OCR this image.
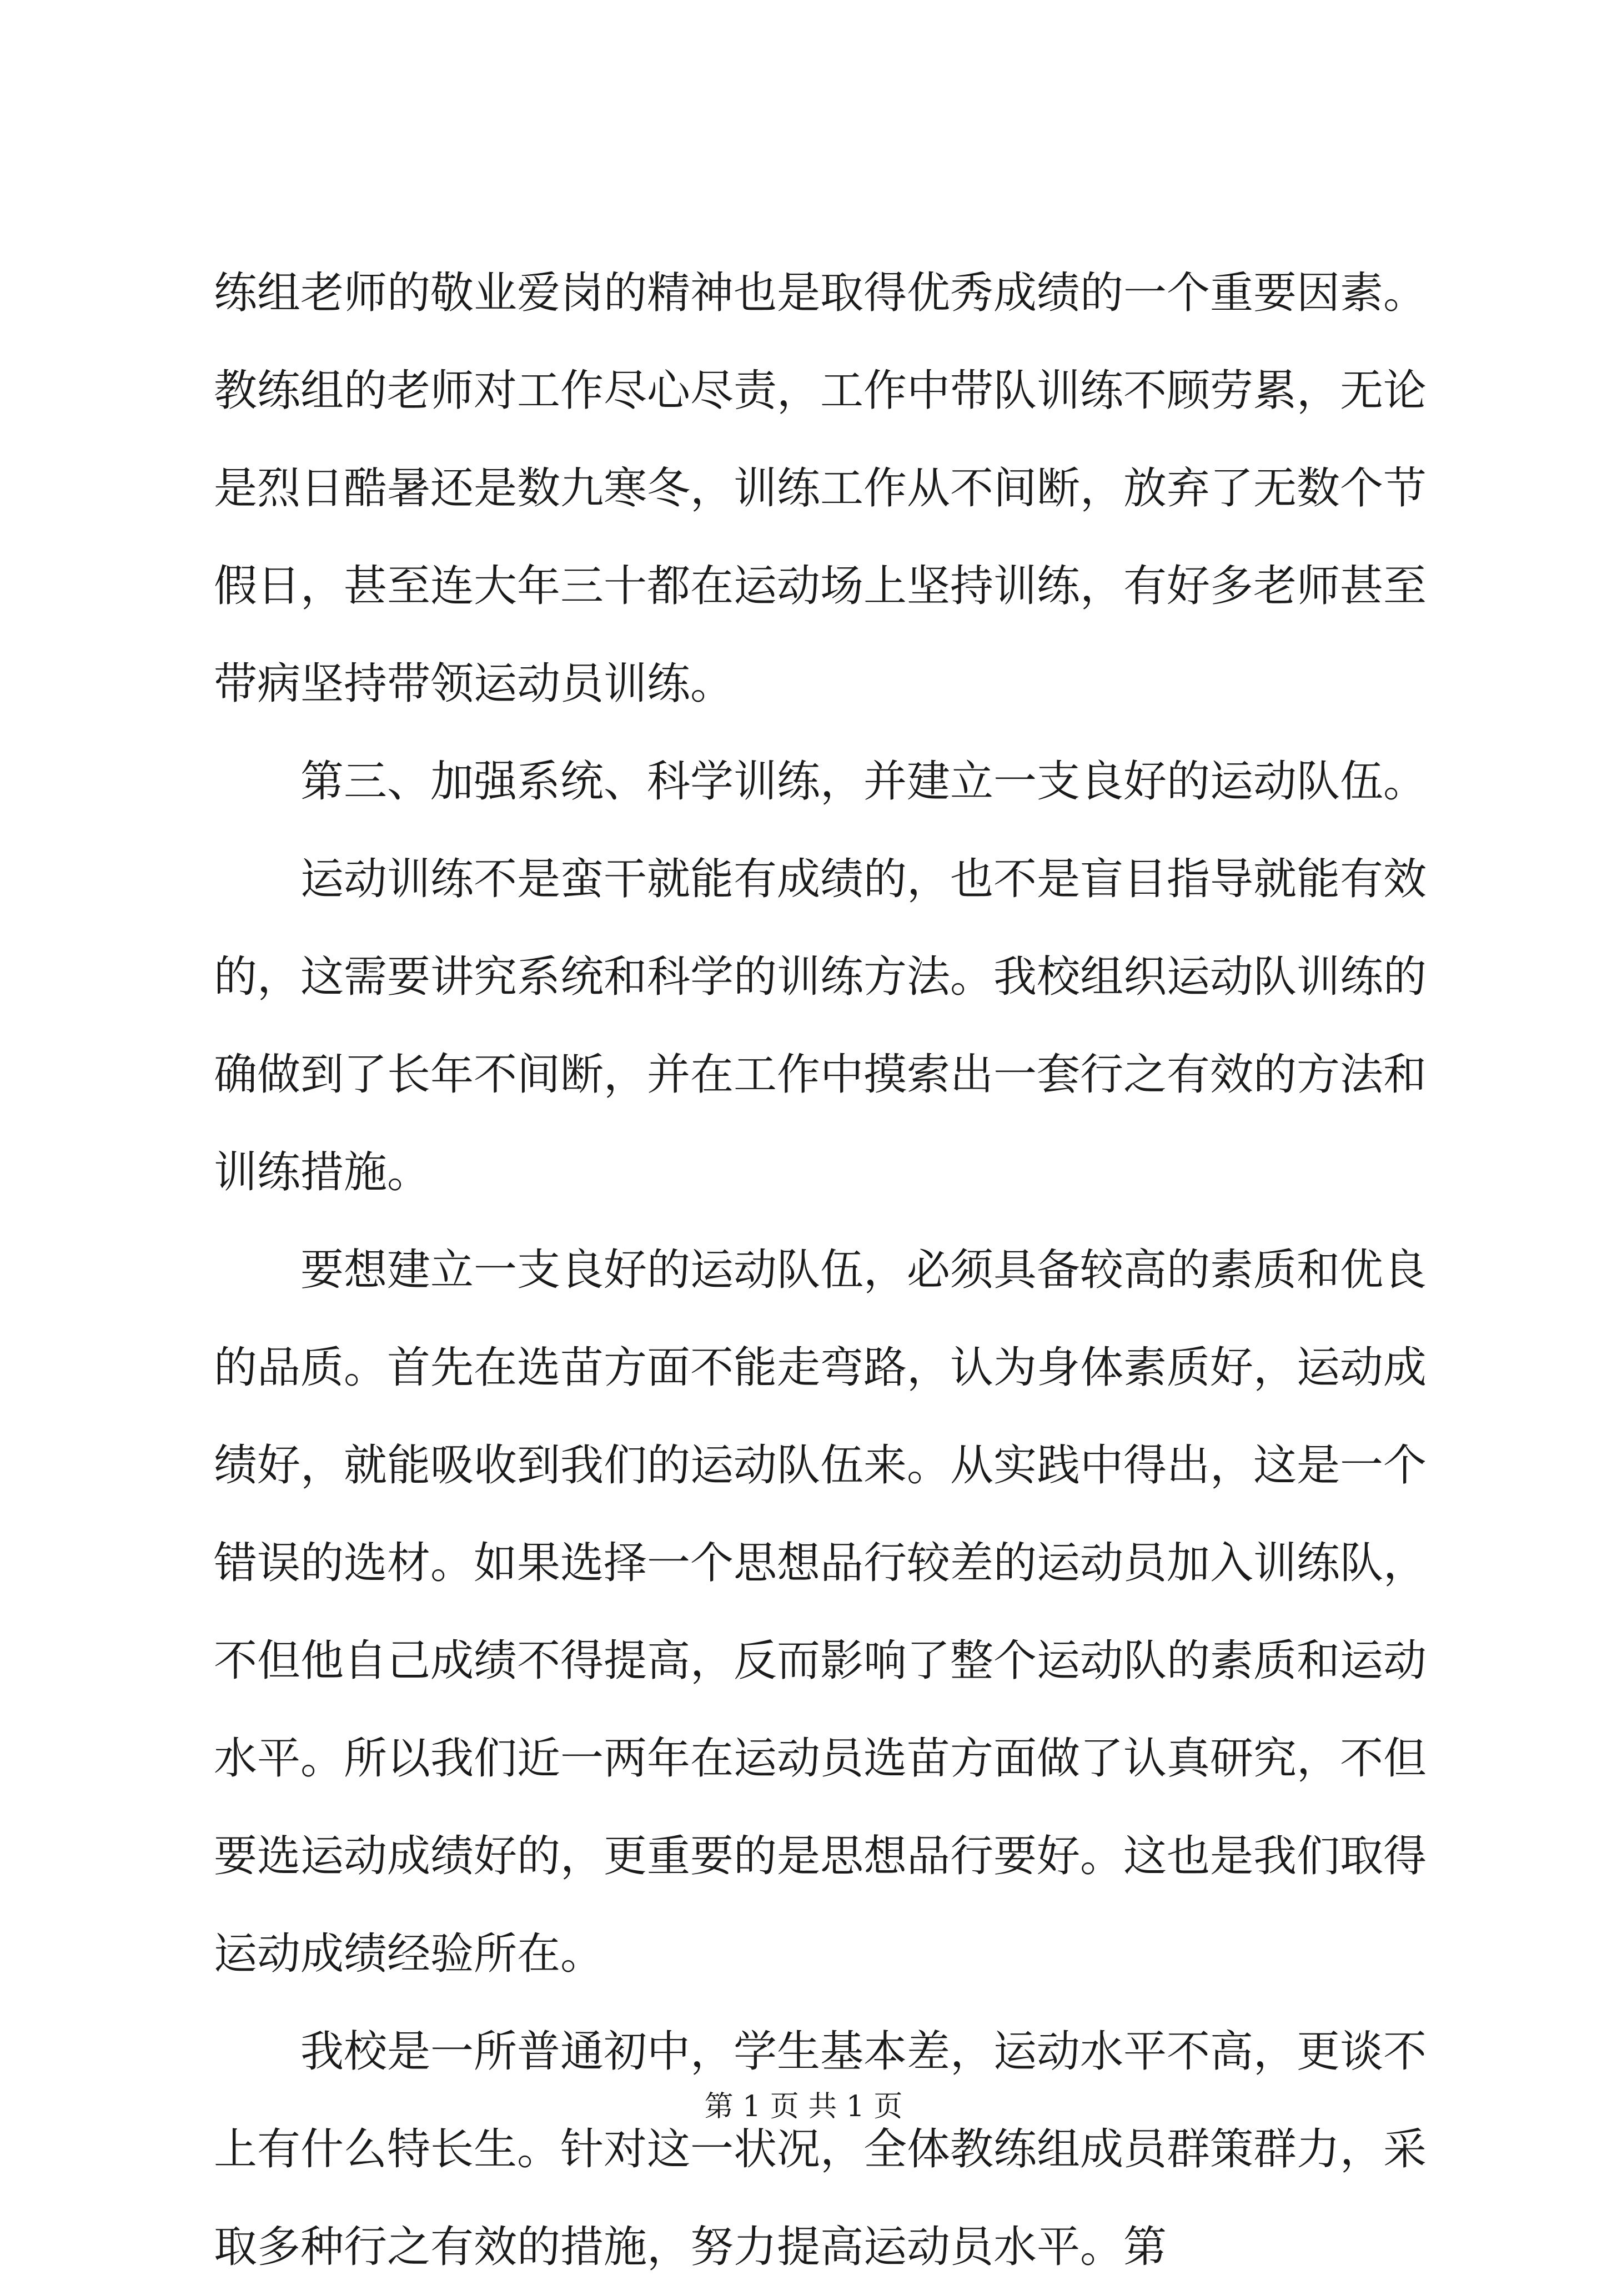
练组老师的敬业爱岗的精神也是取得优秀成绩的一个重要因素。
教练组的老师对工作尽心尽责，工作中带队训练不顾劳累，无论
是烈日酷暑还是数九寒冬，训练工作从不间断，放弃了无数个节
假日，甚至连大年三十都在运动场上坚持训练，有好多老师甚至
带病坚持带领运动员训练。
第三、加强系统、科学训练，并建立一支良好的运动队伍。
运动训练不是蛮干就能有成绩的，也不是盲目指导就能有效
的，这需要讲究系统和科学的训练方法。我校组织运动队训练的
确做到了长年不间断，并在工作中摸索出一套行之有效的方法和
训练措施。
要想建立一支良好的运动队伍，必须具备较高的素质和优良
的品质。首先在选苗方面不能走弯路，认为身体素质好，运动成
绩好，就能吸收到我们的运动队伍来。从实践中得出，这是一个
错误的选材。如果选择一个思想品行较差的运动员加入训练队，
不但他自己成绩不得提高，反而影响了整个运动队的素质和运动
水平。所以我们近一两年在运动员选苗方面做了认真研究，不但
要选运动成绩好的，更重要的是思想品行要好。这也是我们取得
运动成绩经验所在。
我校是一所普通初中，学生基本差，运动水平不高，更谈不
上有什么特长生。针对这一状况，全体教练组成员群策群力，采
取多种行之有效的措施，努力提高运动员水平。第
第 1 页 共 1 页
